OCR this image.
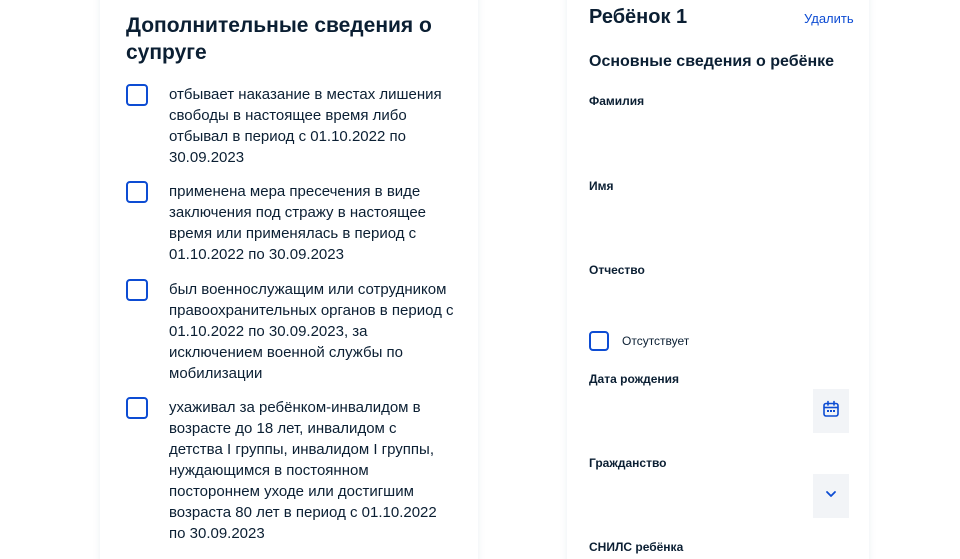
Дополнительные сведения о супруге
отбывает наказание в местах лишения свободы в настоящее время либо отбывал в период с 01.10.2022 по 30.09.2023
применена мера пресечения в виде заключения под стражу в настоящее время или применялась в период с 01.10.2022 по 30.09.2023
был военнослужащим или сотрудником правоохранительных органов в период с 01.10.2022 по 30.09.2023, за исключением военной службы по мобилизации
ухаживал за ребёнком-инвалидом в возрасте до 18 лет, инвалидом с детства I группы, инвалидом I группы, нуждающимся в постоянном постороннем уходе или достигшим возраста 80 лет в период с 01.10.2022 по 30.09.2023
Ребёнок 1	Удалить
Основные сведения о ребёнке
Фамилия
Имя
Отчество
Отсутствует
Дата рождения
Гражданство
СНИЛС ребёнка
